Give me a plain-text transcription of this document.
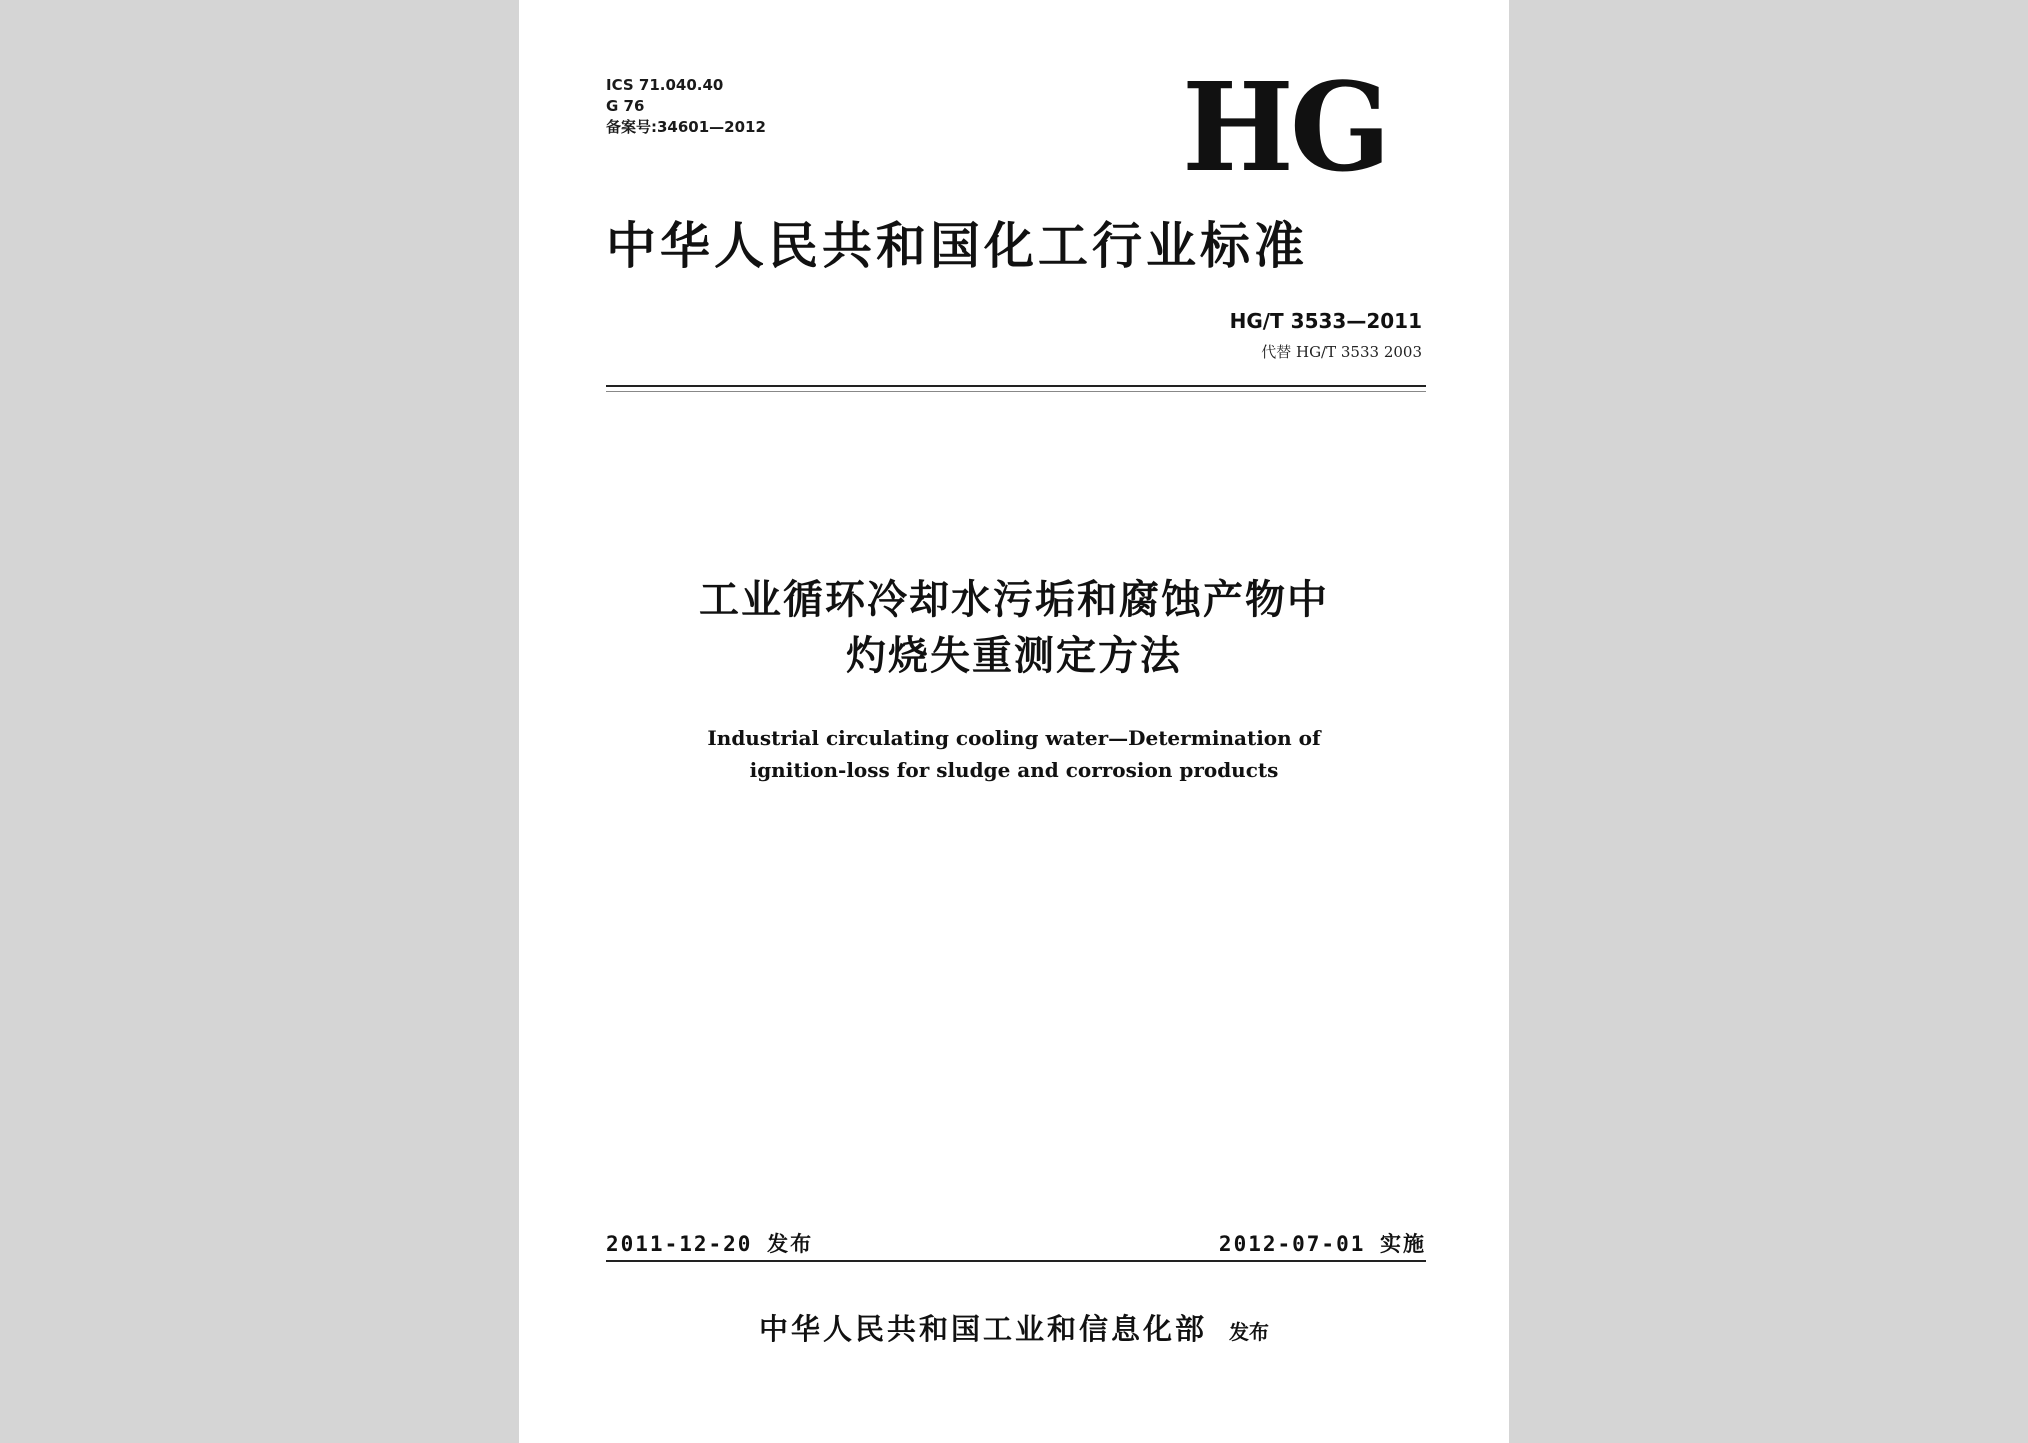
ICS 71.040.40
G 76
备案号:34601—2012	HG
中华人民共和国化工行业标准
HG/T 3533—2011
代替 HG/T 3533 2003
工业循环冷却水污垢和腐蚀产物中
灼烧失重测定方法
Industrial circulating cooling water—Determination of
ignition-loss for sludge and corrosion products
2011-12-20 发布	2012-07-01 实施
中华人民共和国工业和信息化部 发布
